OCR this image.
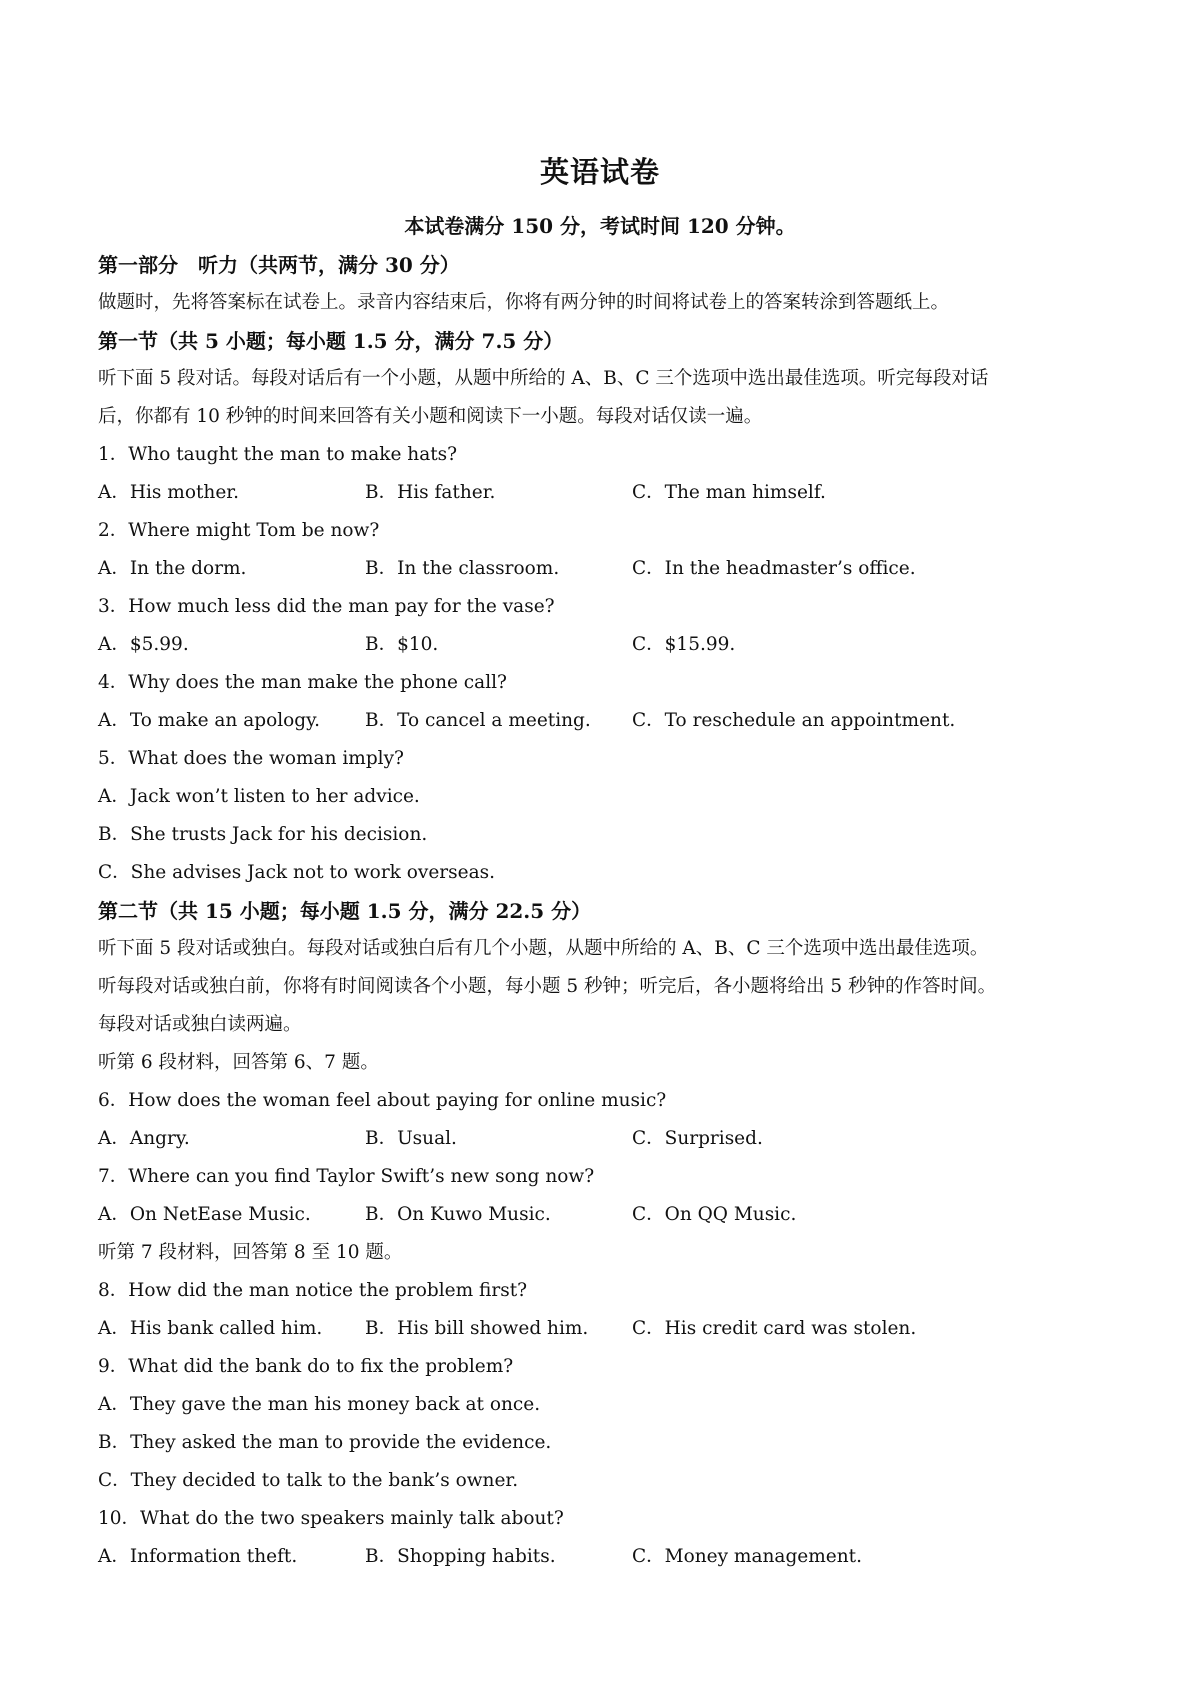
英语试卷
本试卷满分 150 分，考试时间 120 分钟。
第一部分　听力（共两节，满分 30 分）
做题时，先将答案标在试卷上。录音内容结束后，你将有两分钟的时间将试卷上的答案转涂到答题纸上。
第一节（共 5 小题；每小题 1.5 分，满分 7.5 分）
听下面 5 段对话。每段对话后有一个小题，从题中所给的 A、B、C 三个选项中选出最佳选项。听完每段对话
后，你都有 10 秒钟的时间来回答有关小题和阅读下一小题。每段对话仅读一遍。
1．Who taught the man to make hats?
A．His mother.	B．His father.	C．The man himself.
2．Where might Tom be now?
A．In the dorm.	B．In the classroom.	C．In the headmaster’s office.
3．How much less did the man pay for the vase?
A．$5.99.	B．$10.	C．$15.99.
4．Why does the man make the phone call?
A．To make an apology. B．To cancel a meeting. C．To reschedule an appointment.
5．What does the woman imply?
A．Jack won’t listen to her advice.
B．She trusts Jack for his decision.
C．She advises Jack not to work overseas.
第二节（共 15 小题；每小题 1.5 分，满分 22.5 分）
听下面 5 段对话或独白。每段对话或独白后有几个小题，从题中所给的 A、B、C 三个选项中选出最佳选项。
听每段对话或独白前，你将有时间阅读各个小题，每小题 5 秒钟；听完后，各小题将给出 5 秒钟的作答时间。
每段对话或独白读两遍。
听第 6 段材料，回答第 6、7 题。
6．How does the woman feel about paying for online music?
A．Angry.	B．Usual.	C．Surprised.
7．Where can you find Taylor Swift’s new song now?
A．On NetEase Music.	B．On Kuwo Music.	C．On QQ Music.
听第 7 段材料，回答第 8 至 10 题。
8．How did the man notice the problem first?
A．His bank called him. B．His bill showed him. C．His credit card was stolen.
9．What did the bank do to fix the problem?
A．They gave the man his money back at once.
B．They asked the man to provide the evidence.
C．They decided to talk to the bank’s owner.
10．What do the two speakers mainly talk about?
A．Information theft.	B．Shopping habits.	C．Money management.
